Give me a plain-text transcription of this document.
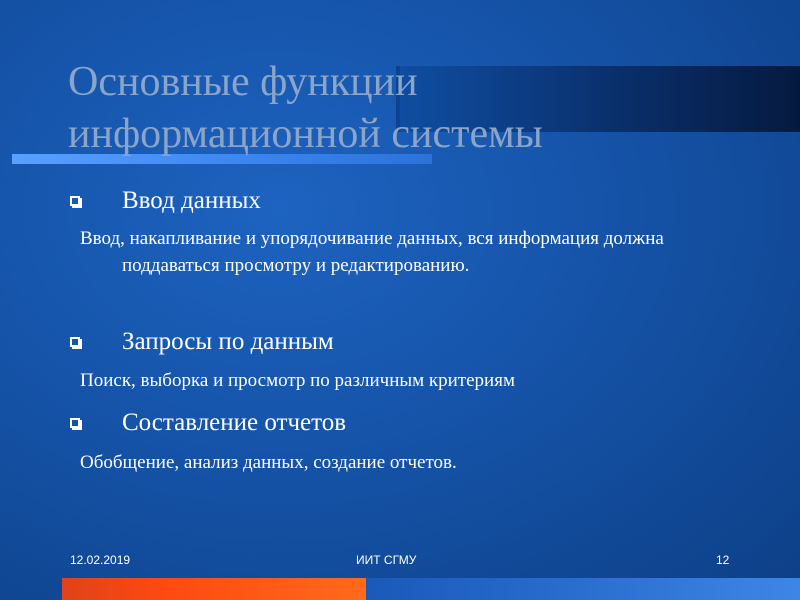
Основные функции
информационной системы
Ввод данных
Ввод, накапливание и упорядочивание данных, вся информация должна поддаваться просмотру и редактированию.
Запросы по данным
Поиск, выборка и просмотр по различным критериям
Составление отчетов
Обобщение, анализ данных, создание отчетов.
12.02.2019	ИИТ СГМУ	12
